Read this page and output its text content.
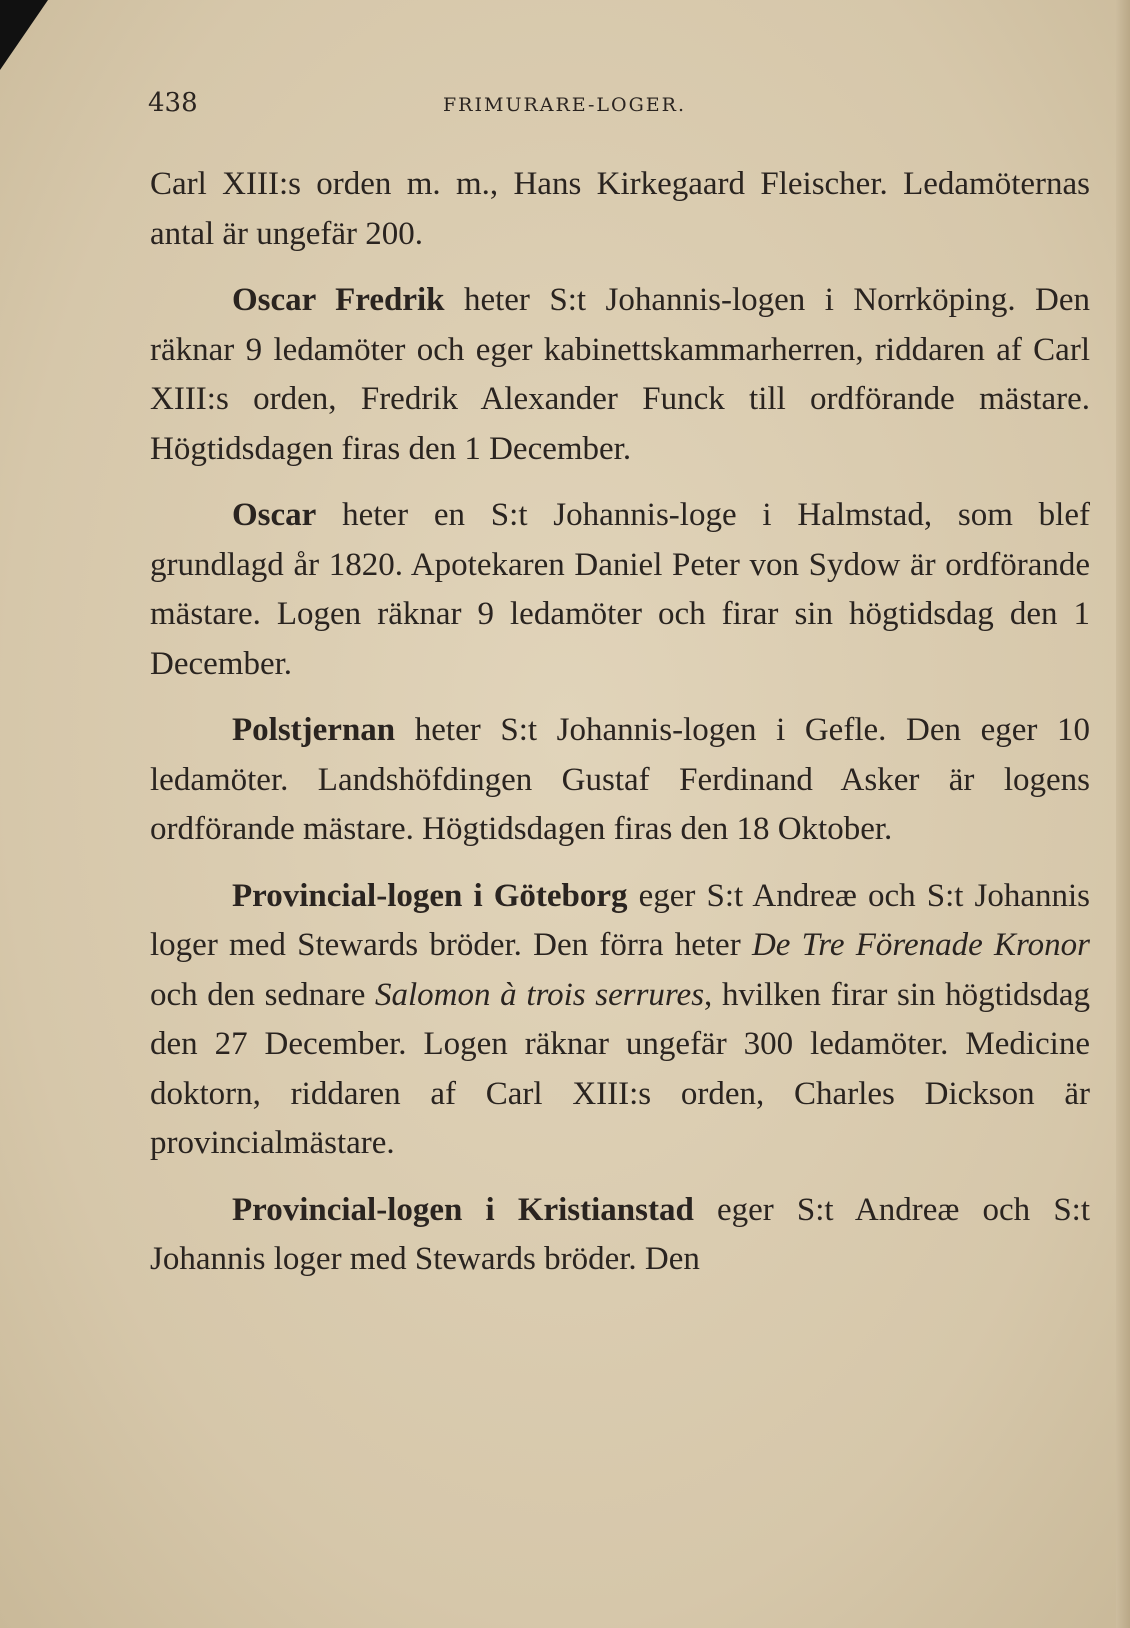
438	FRIMURARE-LOGER.

Carl XIII:s orden m. m., Hans Kirkegaard Fleischer. Ledamöternas antal är ungefär 200.

Oscar Fredrik heter S:t Johannis-logen i Norrköping. Den räknar 9 ledamöter och eger kabinettskammarherren, riddaren af Carl XIII:s orden, Fredrik Alexander Funck till ordförande mästare. Högtidsdagen firas den 1 December.

Oscar heter en S:t Johannis-loge i Halmstad, som blef grundlagd år 1820. Apotekaren Daniel Peter von Sydow är ordförande mästare. Logen räknar 9 ledamöter och firar sin högtidsdag den 1 December.

Polstjernan heter S:t Johannis-logen i Gefle. Den eger 10 ledamöter. Landshöfdingen Gustaf Ferdinand Asker är logens ordförande mästare. Högtidsdagen firas den 18 Oktober.

Provincial-logen i Göteborg eger S:t Andreæ och S:t Johannis loger med Stewards bröder. Den förra heter De Tre Förenade Kronor och den sednare Salomon à trois serrures, hvilken firar sin högtidsdag den 27 December. Logen räknar ungefär 300 ledamöter. Medicine doktorn, riddaren af Carl XIII:s orden, Charles Dickson är provincialmästare.

Provincial-logen i Kristianstad eger S:t Andreæ och S:t Johannis loger med Stewards bröder. Den
